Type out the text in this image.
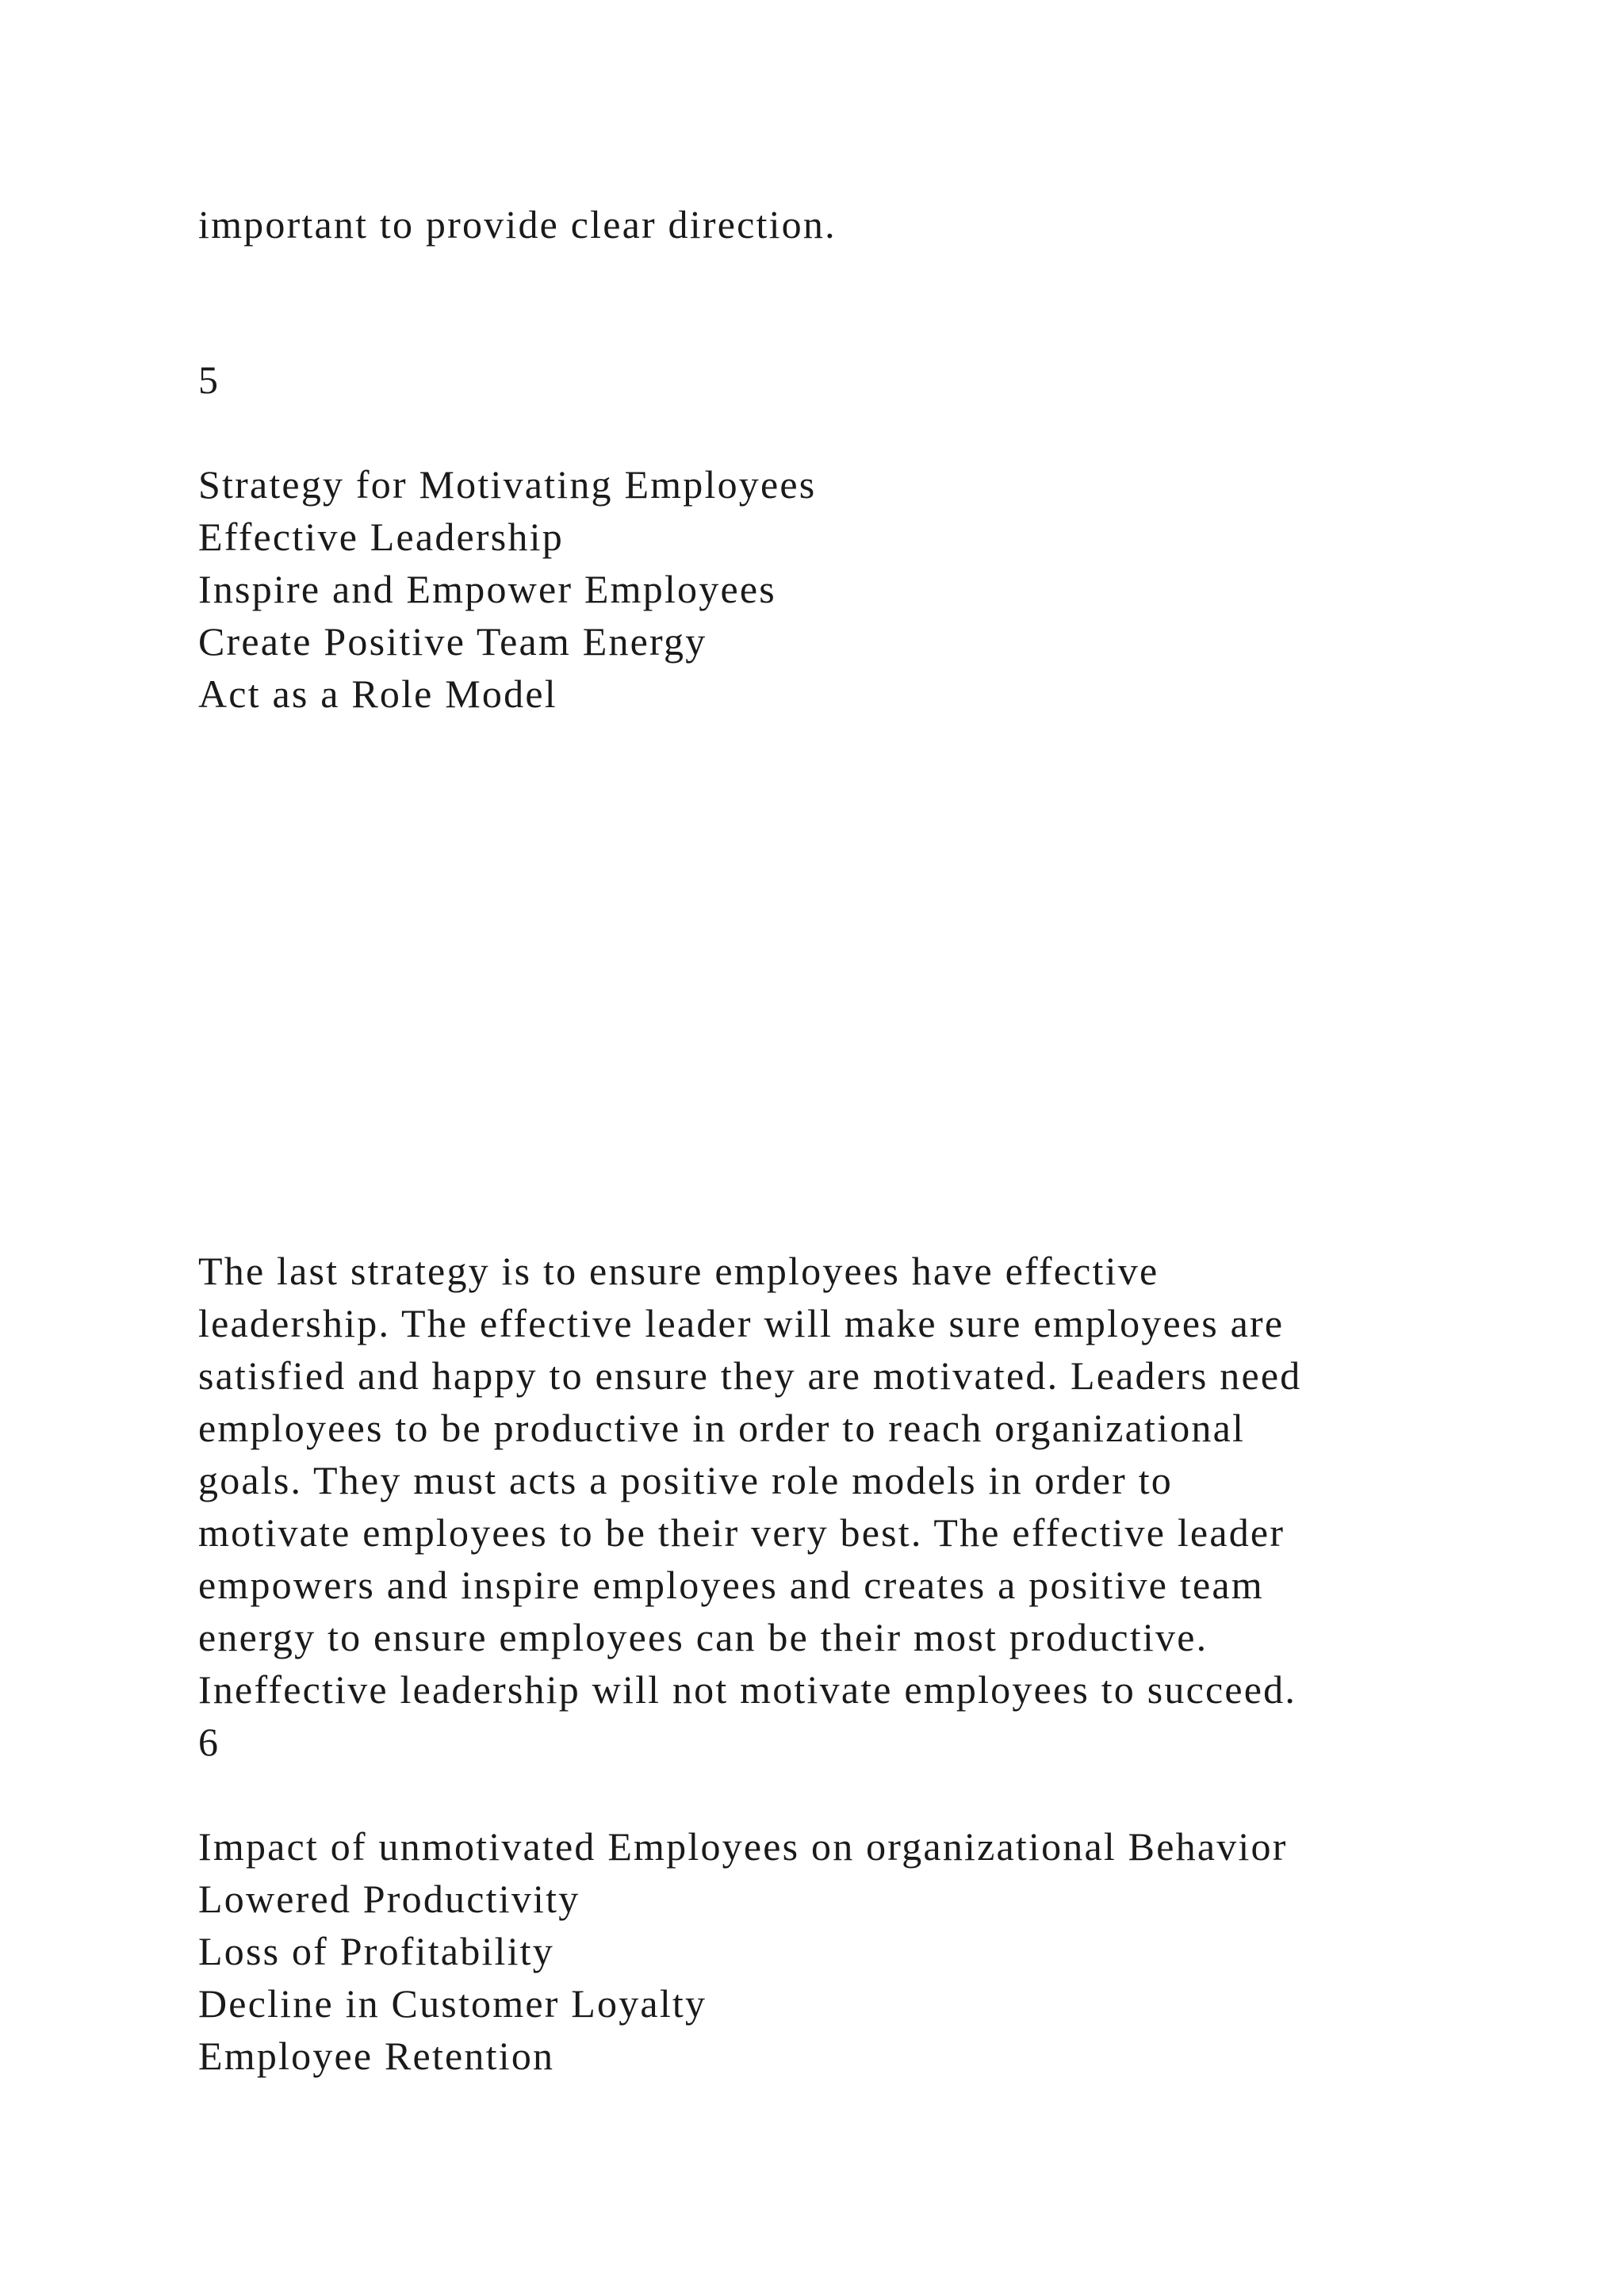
important to provide clear direction.

5

Strategy for Motivating Employees

Effective Leadership

Inspire and Empower Employees

Create Positive Team Energy

Act as a Role Model

The last strategy is to ensure employees have effective

leadership. The effective leader will make sure employees are

satisfied and happy to ensure they are motivated. Leaders need

employees to be productive in order to reach organizational

goals. They must acts a positive role models in order to

motivate employees to be their very best. The effective leader

empowers and inspire employees and creates a positive team

energy to ensure employees can be their most productive.

Ineffective leadership will not motivate employees to succeed.

6

Impact of unmotivated Employees on organizational Behavior

Lowered Productivity

Loss of Profitability

Decline in Customer Loyalty

Employee Retention
